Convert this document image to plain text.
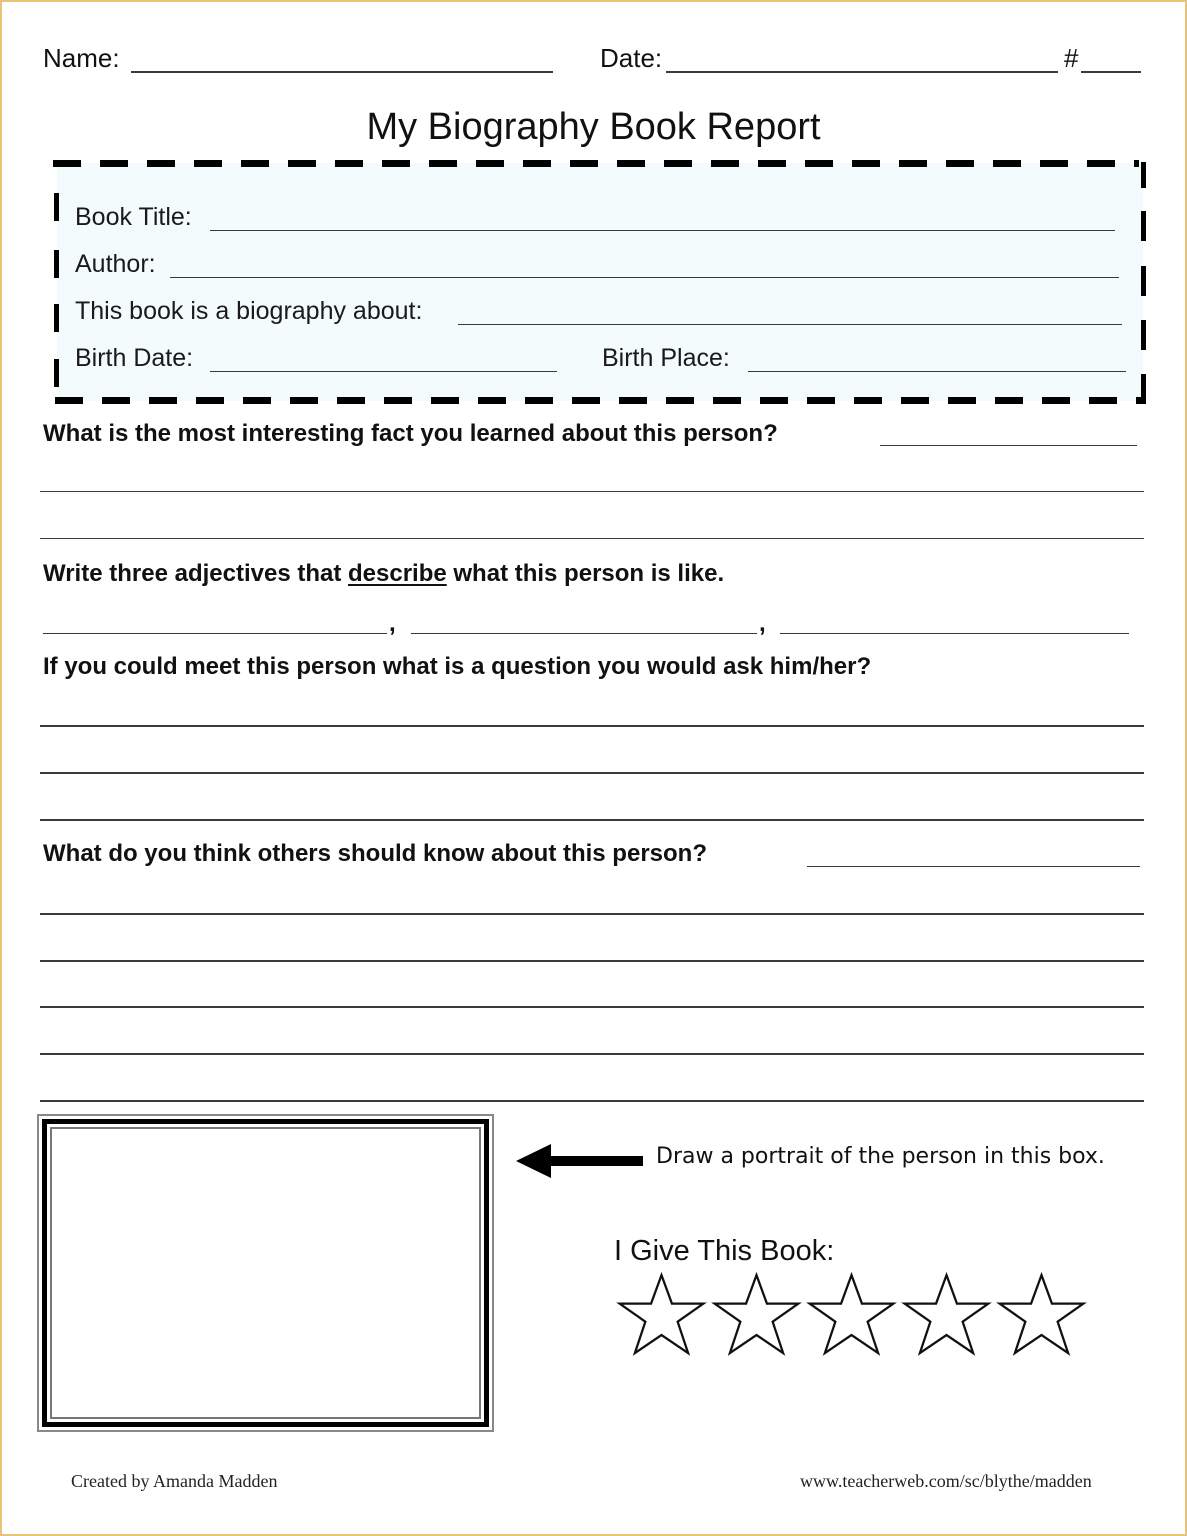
Name:	Date:	#
My Biography Book Report
Book Title:
Author:
This book is a biography about:
Birth Date:	Birth Place:
What is the most interesting fact you learned about this person?
Write three adjectives that describe what this person is like.
,	,
If you could meet this person what is a question you would ask him/her?
What do you think others should know about this person?
Draw a portrait of the person in this box.
I Give This Book:
Created by Amanda Madden	www.teacherweb.com/sc/blythe/madden
